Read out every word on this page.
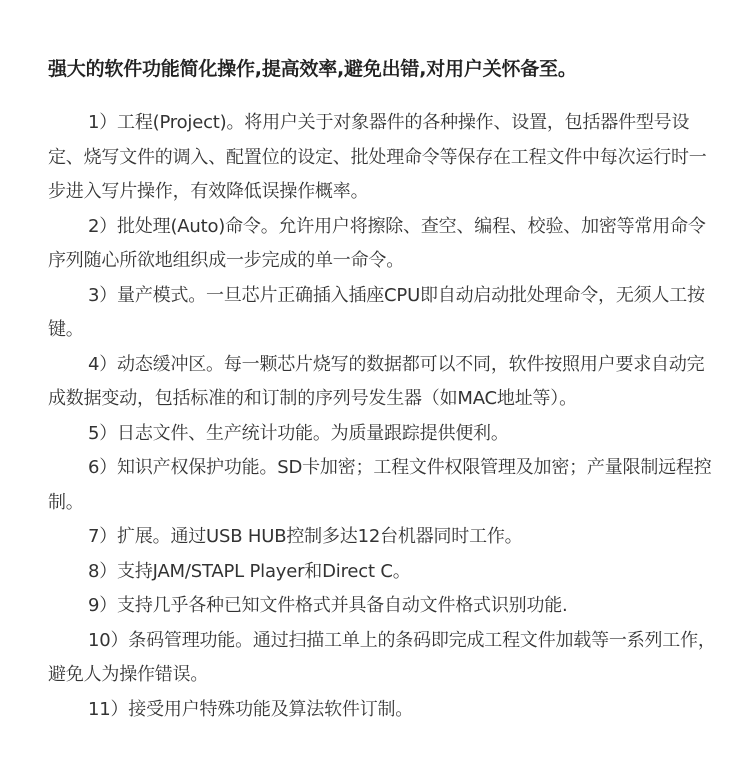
强大的软件功能简化操作,提高效率,避免出错,对用户关怀备至。

1）工程(Project)。将用户关于对象器件的各种操作、设置，包括器件型号设定、烧写文件的调入、配置位的设定、批处理命令等保存在工程文件中每次运行时一步进入写片操作，有效降低误操作概率。

2）批处理(Auto)命令。允许用户将擦除、查空、编程、校验、加密等常用命令序列随心所欲地组织成一步完成的单一命令。

3）量产模式。一旦芯片正确插入插座CPU即自动启动批处理命令，无须人工按键。

4）动态缓冲区。每一颗芯片烧写的数据都可以不同，软件按照用户要求自动完成数据变动，包括标准的和订制的序列号发生器（如MAC地址等）。

5）日志文件、生产统计功能。为质量跟踪提供便利。

6）知识产权保护功能。SD卡加密；工程文件权限管理及加密；产量限制远程控制。

7）扩展。通过USB HUB控制多达12台机器同时工作。

8）支持JAM/STAPL Player和Direct C。

9）支持几乎各种已知文件格式并具备自动文件格式识别功能.

10）条码管理功能。通过扫描工单上的条码即完成工程文件加载等一系列工作，避免人为操作错误。

11）接受用户特殊功能及算法软件订制。
